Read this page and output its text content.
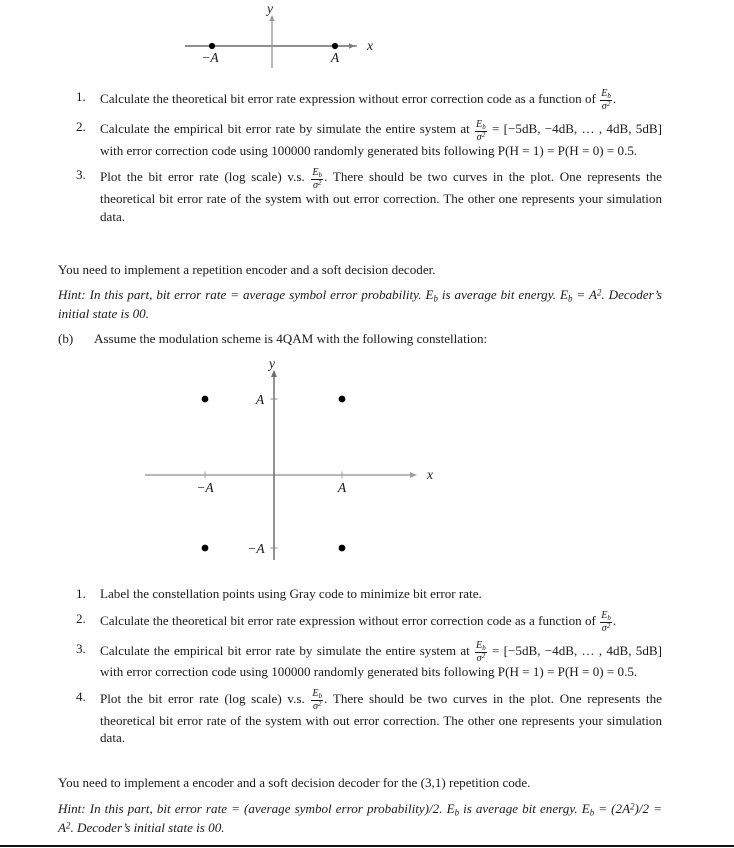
−A	A
x
y
1.	Calculate the theoretical bit error rate expression without error correction code as a function of $\frac{E_b}{\sigma^2}$ .
2.	Calculate the empirical bit error rate by simulate the entire system at $\frac{E_b}{\sigma^2} = [-5dB$, −4dB, … , 4dB, 5dB] with error correction code using 100000 randomly generated bits following P(H = 1) = P(H = 0) = 0.5.
3.	Plot the bit error rate (log scale) v.s. $\frac{E_b}{\sigma^2}$ . There should be two curves in the plot. One represents the theoretical bit error rate of the system with out error correction. The other one represents your simulation data.

You need to implement a repetition encoder and a soft decision decoder.

Hint: In this part, bit error rate = average symbol error probability. $E_b$ is average bit energy. $E_b = A^2$. Decoder’s initial state is 00.

(b)	Assume the modulation scheme is 4QAM with the following constellation:
A
−A
−A	A
x
y
1.	Label the constellation points using Gray code to minimize bit error rate.
2.	Calculate the theoretical bit error rate expression without error correction code as a function of $\frac{E_b}{\sigma^2}$ .
3.	Calculate the empirical bit error rate by simulate the entire system at $\frac{E_b}{\sigma^2} = [-5dB$, −4dB, … , 4dB, 5dB] with error correction code using 100000 randomly generated bits following P(H = 1) = P(H = 0) = 0.5.
4.	Plot the bit error rate (log scale) v.s. $\frac{E_b}{\sigma^2}$ . There should be two curves in the plot. One represents the theoretical bit error rate of the system with out error correction. The other one represents your simulation data.

You need to implement a encoder and a soft decision decoder for the (3,1) repetition code.

Hint: In this part, bit error rate = (average symbol error probability)/2. $E_b$ is average bit energy. $E_b = (2A^2)/2 = A^2$. Decoder’s initial state is 00.
